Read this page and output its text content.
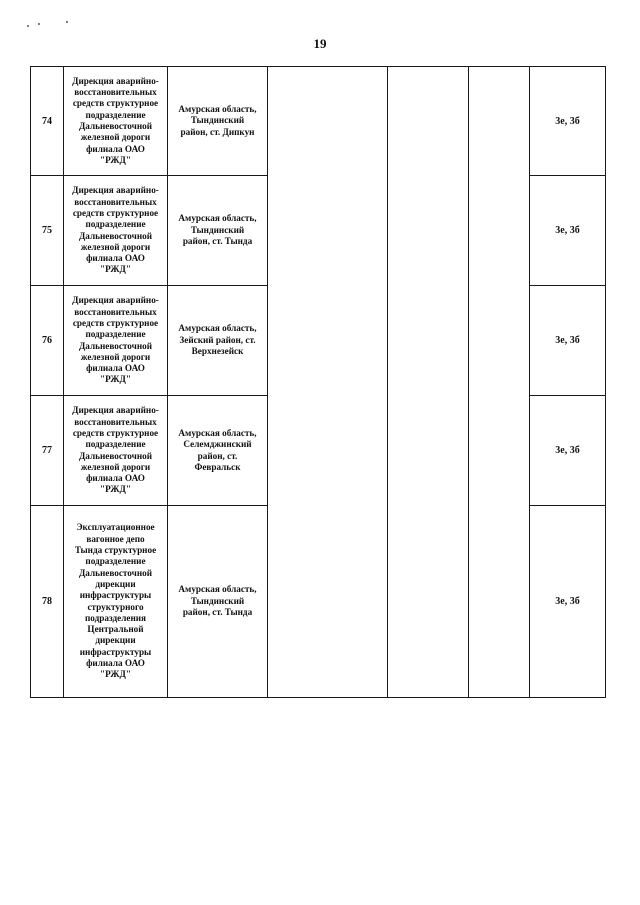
19
74
Дирекция аварийно-
восстановительных
средств структурное
подразделение
Дальневосточной
железной дороги
филиала ОАО
"РЖД"
Амурская область,
Тындинский
район, ст. Дипкун
3е, 3б
75
Дирекция аварийно-
восстановительных
средств структурное
подразделение
Дальневосточной
железной дороги
филиала ОАО
"РЖД"
Амурская область,
Тындинский
район, ст. Тында
3е, 3б
76
Дирекция аварийно-
восстановительных
средств структурное
подразделение
Дальневосточной
железной дороги
филиала ОАО
"РЖД"
Амурская область,
Зейский район, ст.
Верхнезейск
3е, 3б
77
Дирекция аварийно-
восстановительных
средств структурное
подразделение
Дальневосточной
железной дороги
филиала ОАО
"РЖД"
Амурская область,
Селемджинский
район, ст.
Февральск
3е, 3б
78
Эксплуатационное
вагонное депо
Тында структурное
подразделение
Дальневосточной
дирекции
инфраструктуры
структурного
подразделения
Центральной
дирекции
инфраструктуры
филиала ОАО
"РЖД"
Амурская область,
Тындинский
район, ст. Тында
3е, 3б
